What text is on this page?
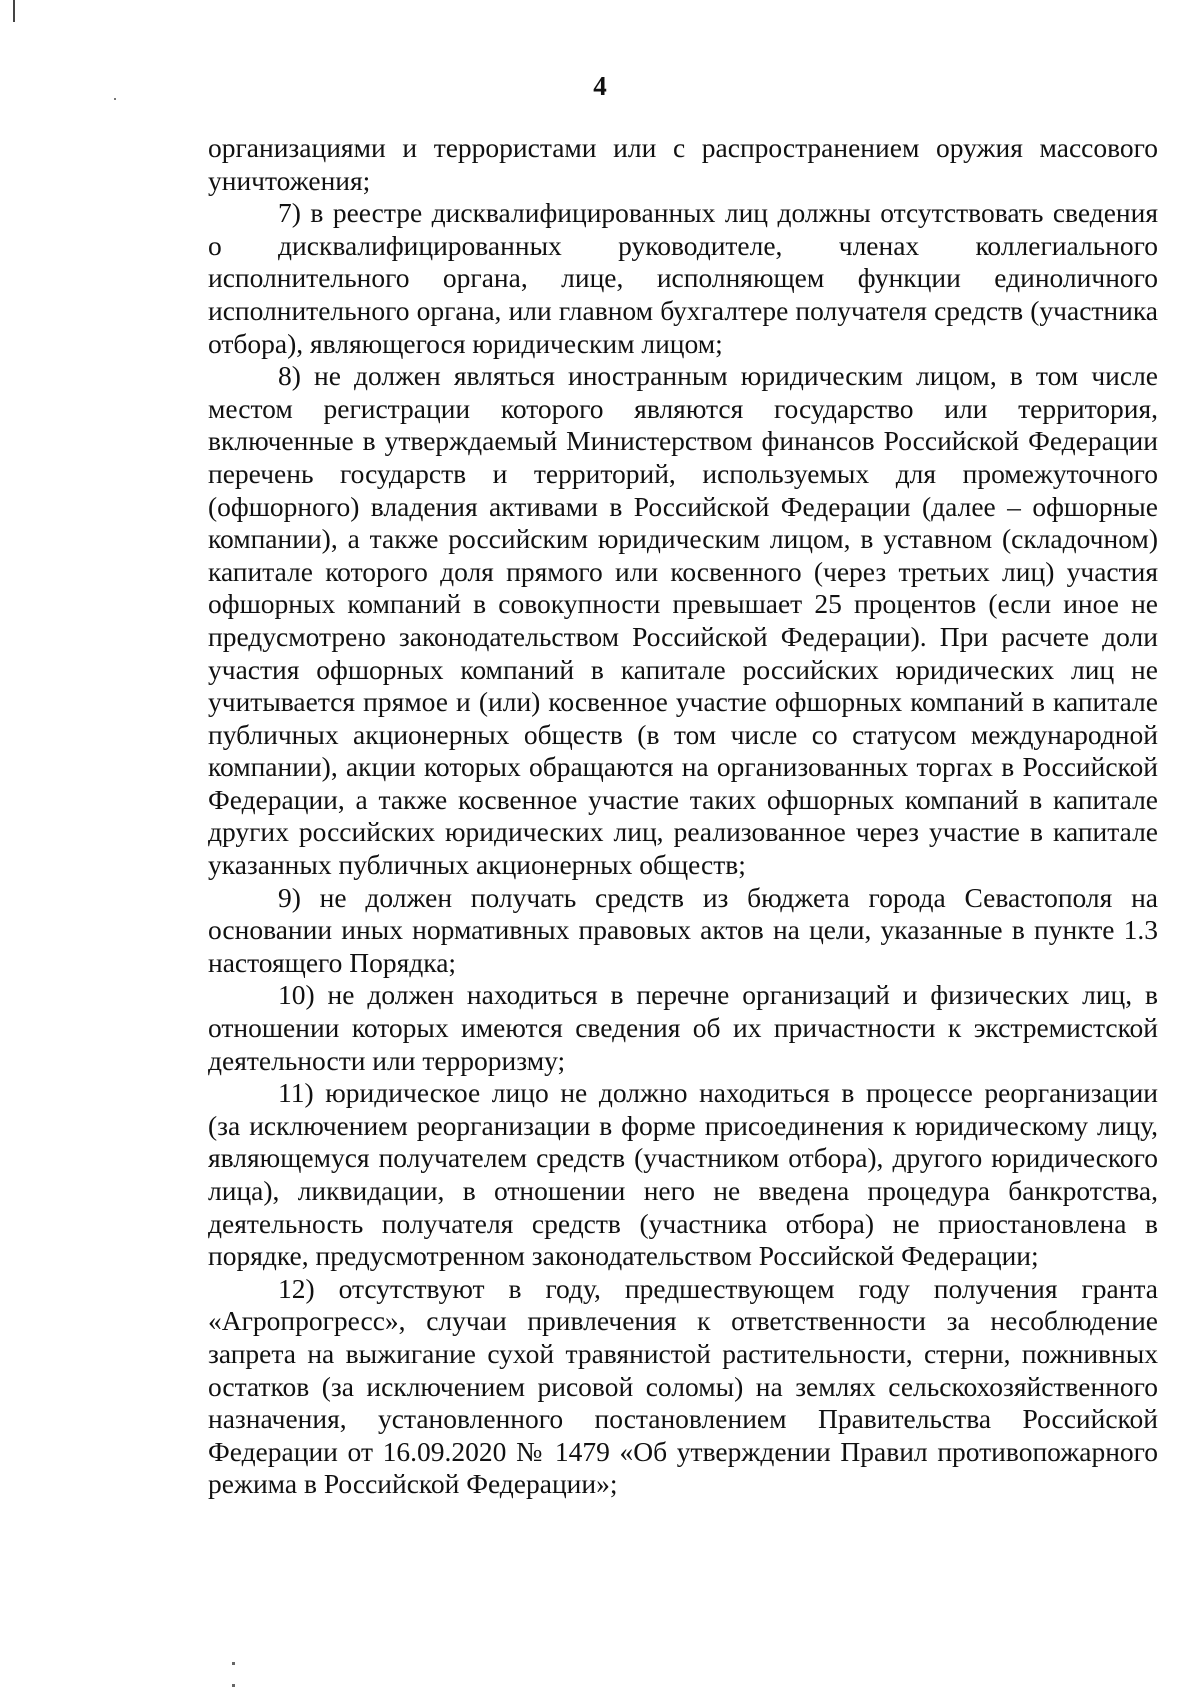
4

организациями и террористами или с распространением оружия массового уничтожения;

7) в реестре дисквалифицированных лиц должны отсутствовать сведения о дисквалифицированных руководителе, членах коллегиального исполнительного органа, лице, исполняющем функции единоличного исполнительного органа, или главном бухгалтере получателя средств (участника отбора), являющегося юридическим лицом;

8) не должен являться иностранным юридическим лицом, в том числе местом регистрации которого являются государство или территория, включенные в утверждаемый Министерством финансов Российской Федерации перечень государств и территорий, используемых для промежуточного (офшорного) владения активами в Российской Федерации (далее – офшорные компании), а также российским юридическим лицом, в уставном (складочном) капитале которого доля прямого или косвенного (через третьих лиц) участия офшорных компаний в совокупности превышает 25 процентов (если иное не предусмотрено законодательством Российской Федерации). При расчете доли участия офшорных компаний в капитале российских юридических лиц не учитывается прямое и (или) косвенное участие офшорных компаний в капитале публичных акционерных обществ (в том числе со статусом международной компании), акции которых обращаются на организованных торгах в Российской Федерации, а также косвенное участие таких офшорных компаний в капитале других российских юридических лиц, реализованное через участие в капитале указанных публичных акционерных обществ;

9) не должен получать средств из бюджета города Севастополя на основании иных нормативных правовых актов на цели, указанные в пункте 1.3 настоящего Порядка;

10) не должен находиться в перечне организаций и физических лиц, в отношении которых имеются сведения об их причастности к экстремистской деятельности или терроризму;

11) юридическое лицо не должно находиться в процессе реорганизации (за исключением реорганизации в форме присоединения к юридическому лицу, являющемуся получателем средств (участником отбора), другого юридического лица), ликвидации, в отношении него не введена процедура банкротства, деятельность получателя средств (участника отбора) не приостановлена в порядке, предусмотренном законодательством Российской Федерации;

12) отсутствуют в году, предшествующем году получения гранта «Агропрогресс», случаи привлечения к ответственности за несоблюдение запрета на выжигание сухой травянистой растительности, стерни, пожнивных остатков (за исключением рисовой соломы) на землях сельскохозяйственного назначения, установленного постановлением Правительства Российской Федерации от 16.09.2020 № 1479 «Об утверждении Правил противопожарного режима в Российской Федерации»;
